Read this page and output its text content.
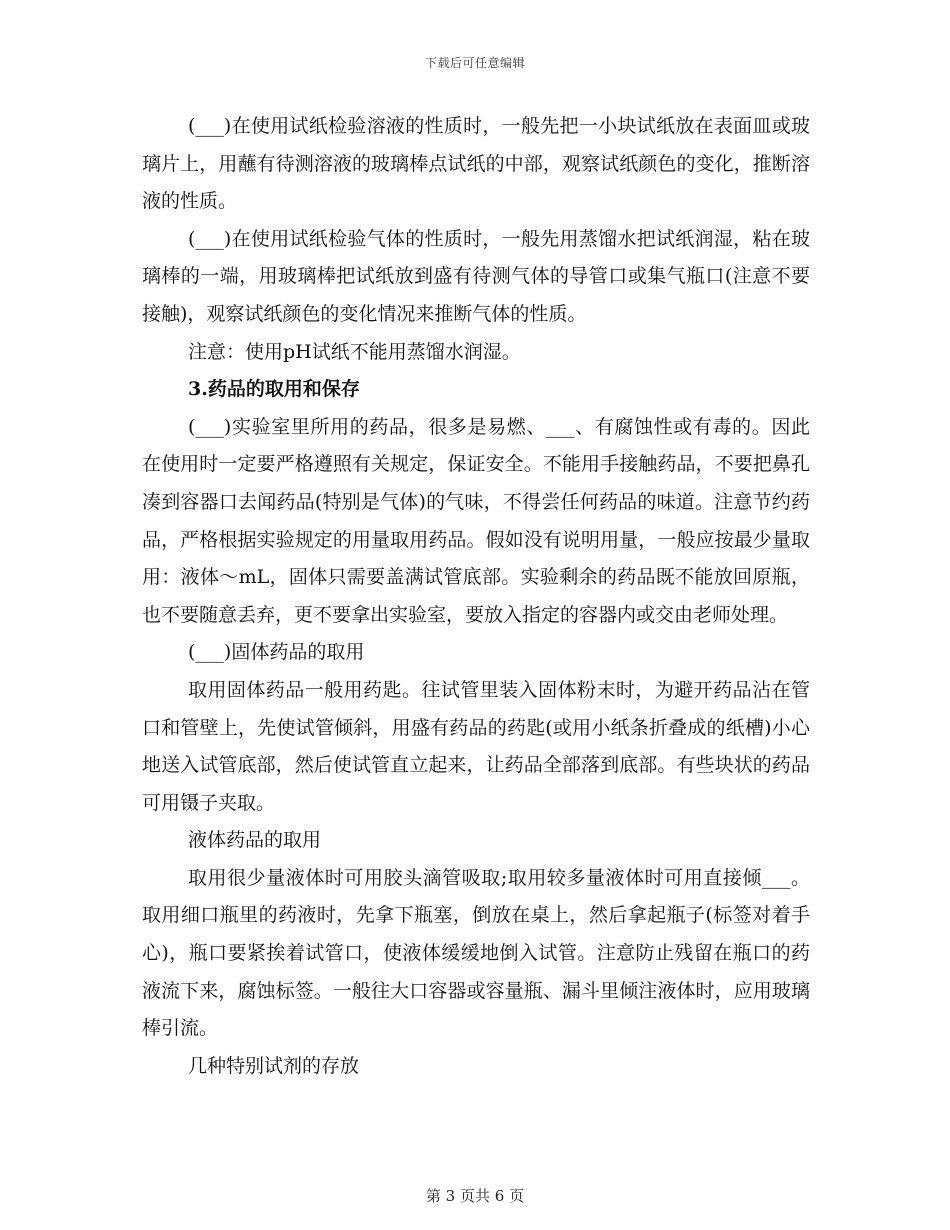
下载后可任意编辑

(___)在使用试纸检验溶液的性质时，一般先把一小块试纸放在表面皿或玻璃片上，用蘸有待测溶液的玻璃棒点试纸的中部，观察试纸颜色的变化，推断溶液的性质。

(___)在使用试纸检验气体的性质时，一般先用蒸馏水把试纸润湿，粘在玻璃棒的一端，用玻璃棒把试纸放到盛有待测气体的导管口或集气瓶口(注意不要接触)，观察试纸颜色的变化情况来推断气体的性质。

注意：使用pH试纸不能用蒸馏水润湿。

3.药品的取用和保存

(___)实验室里所用的药品，很多是易燃、___、有腐蚀性或有毒的。因此在使用时一定要严格遵照有关规定，保证安全。不能用手接触药品，不要把鼻孔凑到容器口去闻药品(特别是气体)的气味，不得尝任何药品的味道。注意节约药品，严格根据实验规定的用量取用药品。假如没有说明用量，一般应按最少量取用：液体～mL，固体只需要盖满试管底部。实验剩余的药品既不能放回原瓶，也不要随意丢弃，更不要拿出实验室，要放入指定的容器内或交由老师处理。

(___)固体药品的取用

取用固体药品一般用药匙。往试管里装入固体粉末时，为避开药品沾在管口和管壁上，先使试管倾斜，用盛有药品的药匙(或用小纸条折叠成的纸槽)小心地送入试管底部，然后使试管直立起来，让药品全部落到底部。有些块状的药品可用镊子夹取。

液体药品的取用

取用很少量液体时可用胶头滴管吸取;取用较多量液体时可用直接倾___。取用细口瓶里的药液时，先拿下瓶塞，倒放在桌上，然后拿起瓶子(标签对着手心)，瓶口要紧挨着试管口，使液体缓缓地倒入试管。注意防止残留在瓶口的药液流下来，腐蚀标签。一般往大口容器或容量瓶、漏斗里倾注液体时，应用玻璃棒引流。

几种特别试剂的存放

第 3 页共 6 页
